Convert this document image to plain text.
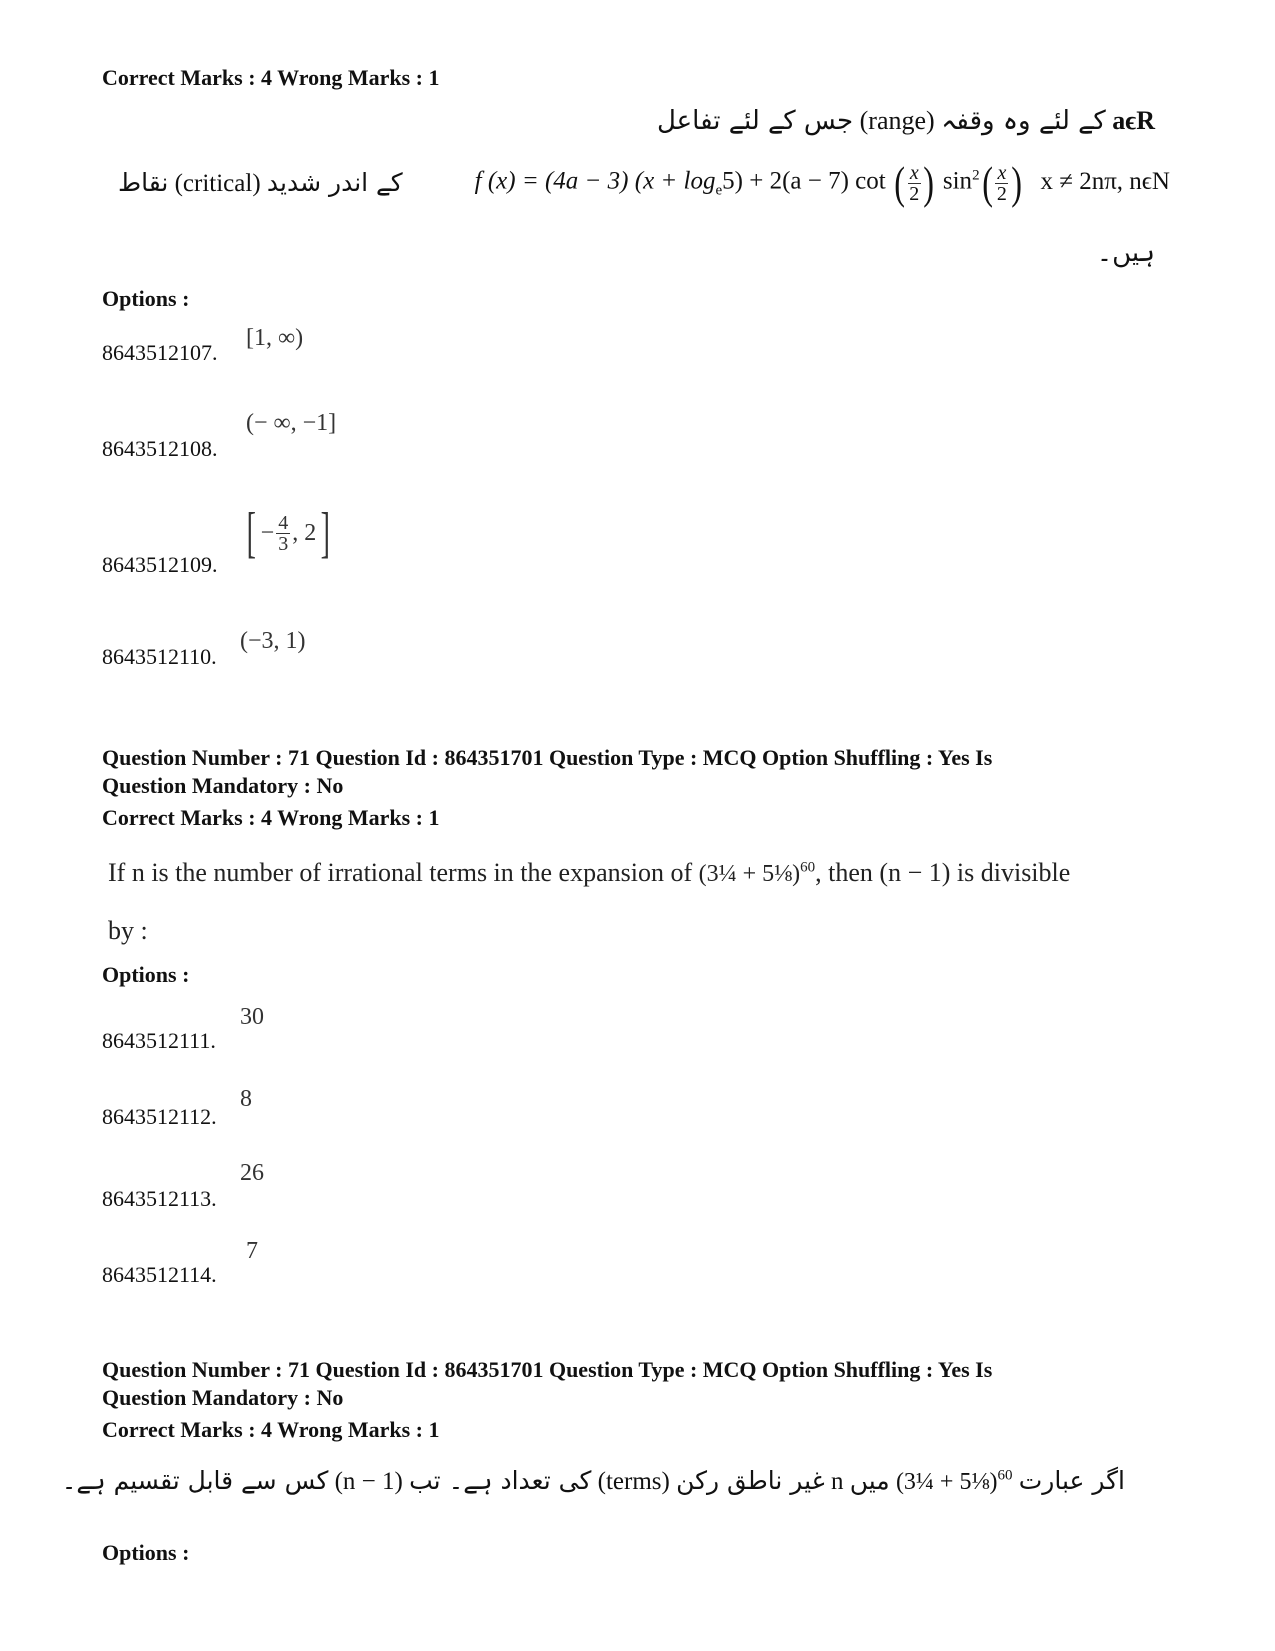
Correct Marks : 4 Wrong Marks : 1
جس کے لئے تفاعل (range) کے لئے وہ وقفہ aϵR
نقاط (critical) کے اندر شدید	f (x) = (4a − 3) $(x + \log_e5) + 2(a - 7)$ cot ( $\frac{x}{2}$ ) $\sin^2( \frac{x}{2}$ ) x ≠ 2nπ, nϵN
ہیں۔
Options :
8643512107.
[1, ∞)
8643512108.
(− ∞, −1]
8643512109.
[ − $\frac{4}{3}$ , 2 ]
8643512110.
(−3, 1)
Question Number : 71 Question Id : 864351701 Question Type : MCQ Option Shuffling : Yes Is
Question Mandatory : No
Correct Marks : 4 Wrong Marks : 1
If n is the number of irrational terms in the expansion of (3¼ + 5⅛)$^{60}$, then (n − 1) is divisible
by :
Options :
8643512111.
30
8643512112.
8
8643512113.
26
8643512114.
7
Question Number : 71 Question Id : 864351701 Question Type : MCQ Option Shuffling : Yes Is
Question Mandatory : No
Correct Marks : 4 Wrong Marks : 1
کس سے قابل تقسیم ہے۔ (n − 1) کی تعداد ہے۔ تب (terms) غیر ناطق رکن n میں (3¼ + 5⅛)$^{60}$ اگر عبارت
Options :
